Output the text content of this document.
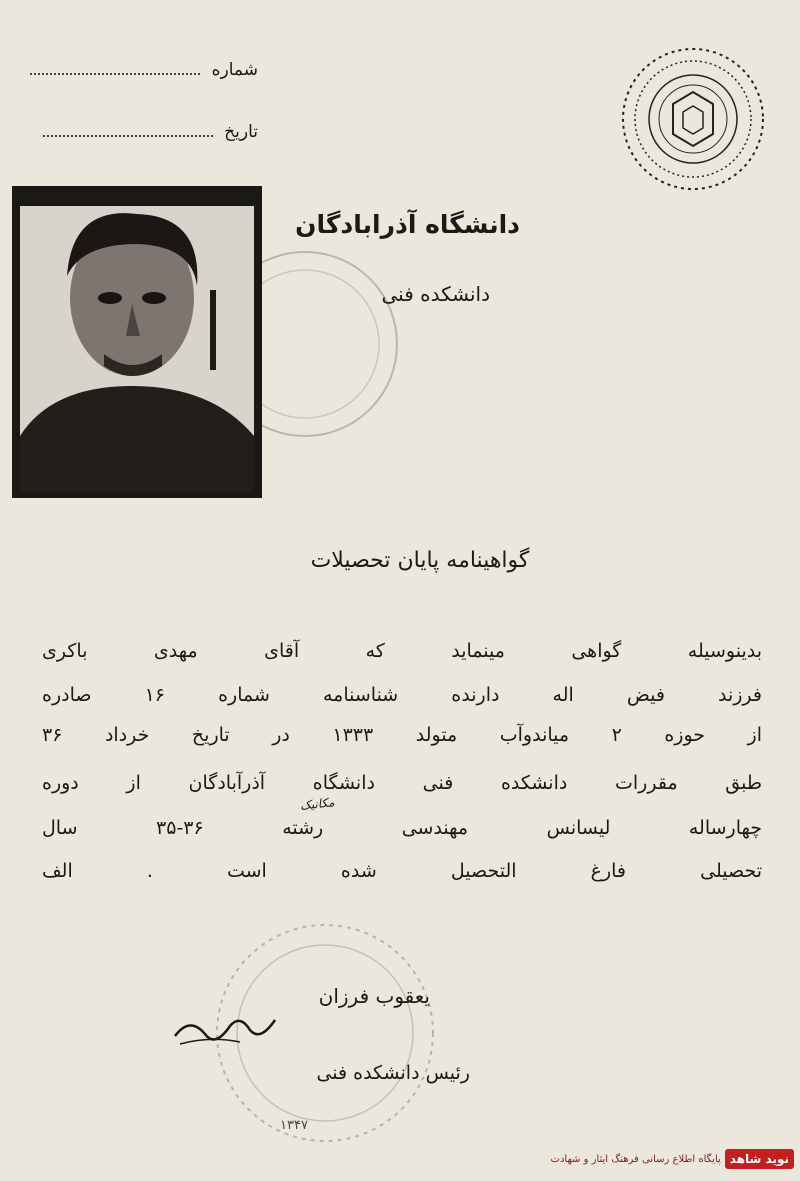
شماره
تاریخ
دانشگاه آذرابادگان
دانشکده فنی
گواهینامه پایان تحصیلات
بدینوسیله گواهی مینماید که آقای مهدی باکری
فرزند فیض اله دارنده شناسنامه شماره ۱۶ صادره
از حوزه ۲ میاندوآب متولد ۱۳۳۳ در تاریخ خرداد ۳۶
طبق مقررات دانشکده فنی دانشگاه آذرآبادگان از دوره
چهارساله لیسانس مهندسی رشته ۳۶-۳۵ سال
تحصیلی فارغ التحصیل شده است . الف
مکانیک
یعقوب فرزان
رئیس دانشکده فنی
۱۳۴۷
نوید شاهد
پایگاه اطلاع رسانی فرهنگ ایثار و شهادت
